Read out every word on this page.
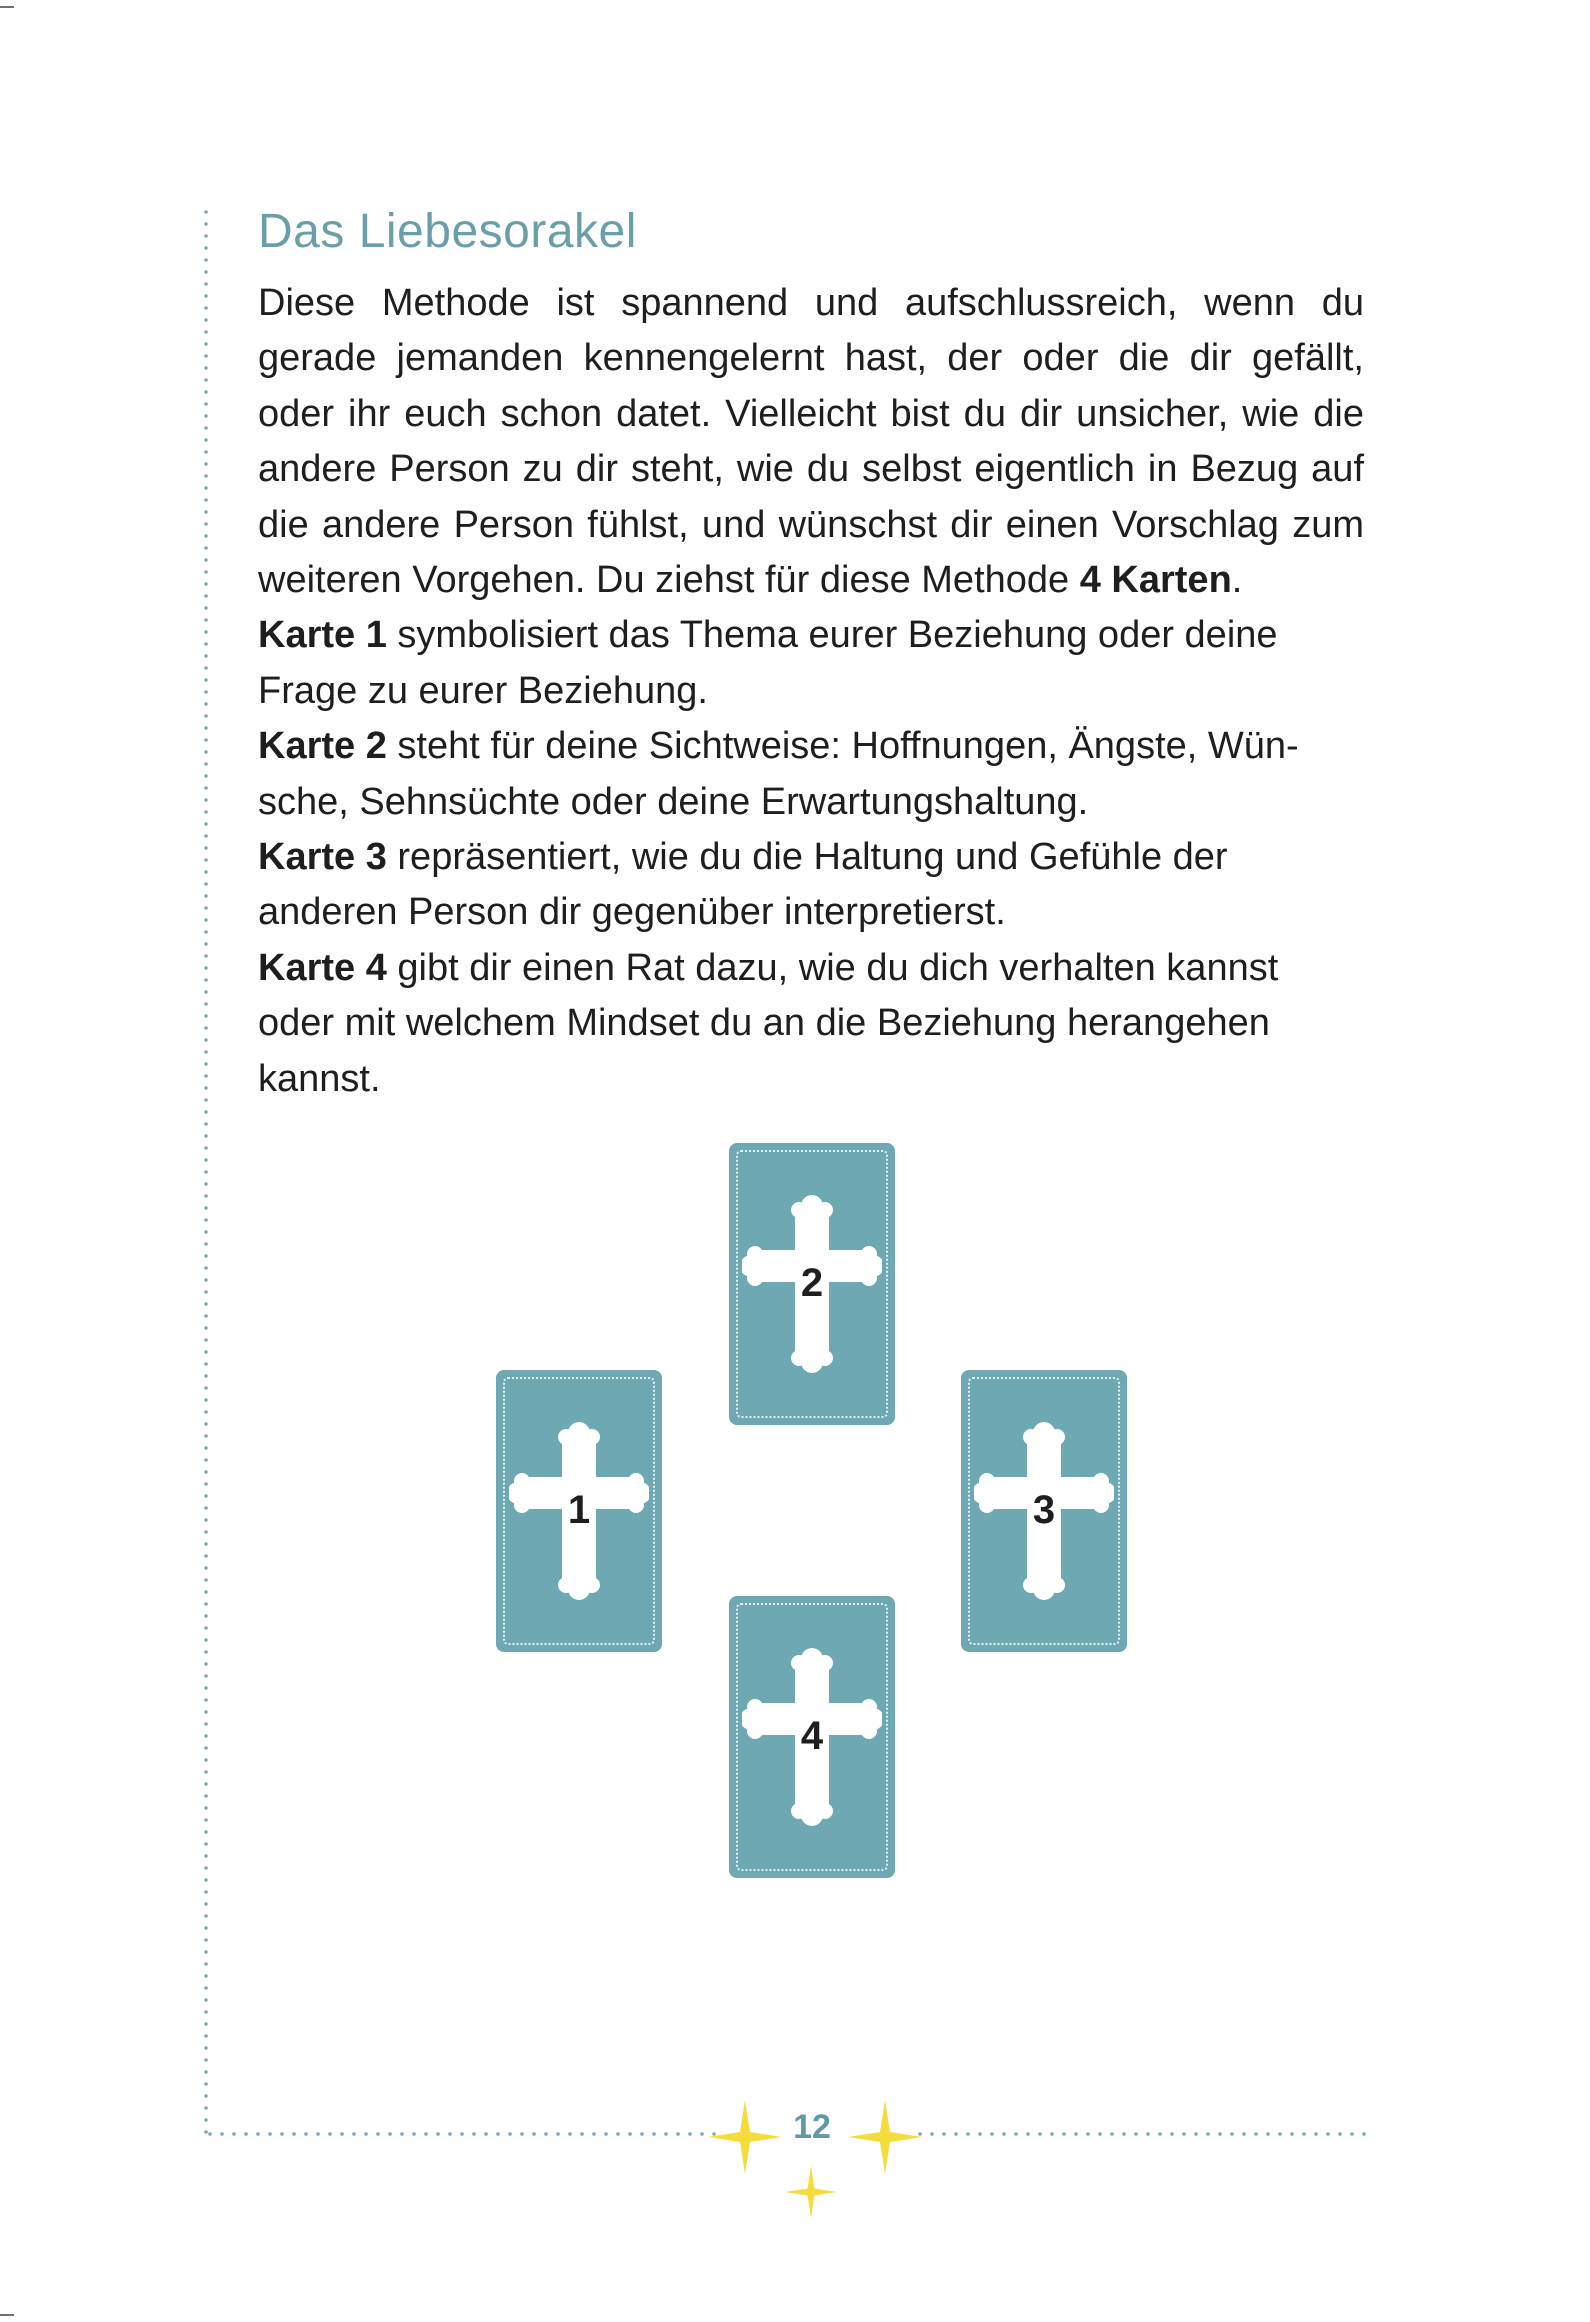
Das Liebesorakel

Diese Methode ist spannend und aufschlussreich, wenn du gerade jemanden kennengelernt hast, der oder die dir gefällt, oder ihr euch schon datet. Vielleicht bist du dir unsicher, wie die andere Person zu dir steht, wie du selbst eigentlich in Bezug auf die andere Person fühlst, und wünschst dir einen Vorschlag zum weiteren Vorgehen. Du ziehst für diese Methode 4 Karten.

Karte 1 symbolisiert das Thema eurer Beziehung oder deine Frage zu eurer Beziehung.

Karte 2 steht für deine Sichtweise: Hoffnungen, Ängste, Wünsche, Sehnsüchte oder deine Erwartungshaltung.

Karte 3 repräsentiert, wie du die Haltung und Gefühle der anderen Person dir gegenüber interpretierst.

Karte 4 gibt dir einen Rat dazu, wie du dich verhalten kannst oder mit welchem Mindset du an die Beziehung herangehen kannst.

2
1	3
4
12
